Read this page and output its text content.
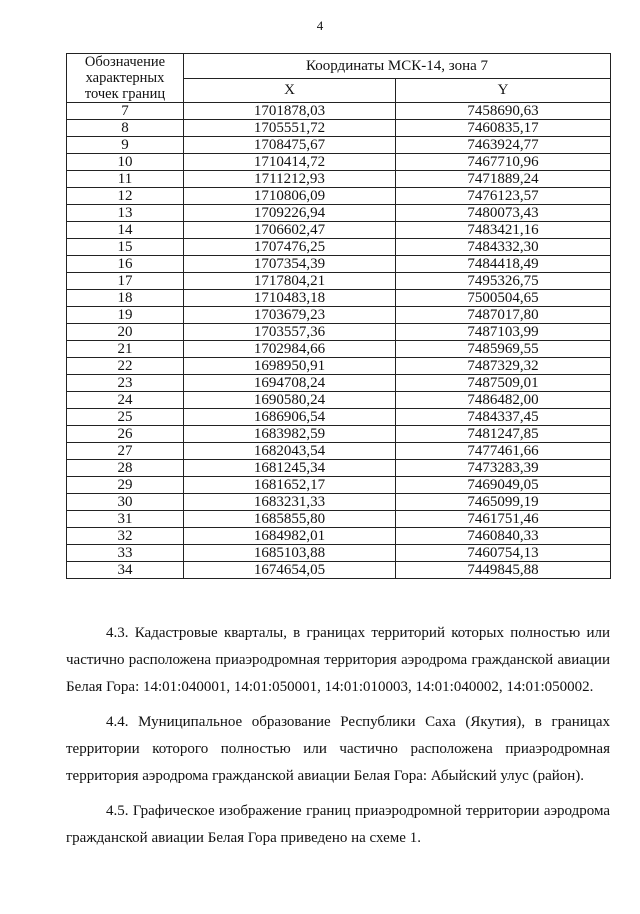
4
Обозначение характерных точек границ	Координаты МСК-14, зона 7	
	X	Y
7	1701878,03	7458690,63
8	1705551,72	7460835,17
9	1708475,67	7463924,77
10	1710414,72	7467710,96
11	1711212,93	7471889,24
12	1710806,09	7476123,57
13	1709226,94	7480073,43
14	1706602,47	7483421,16
15	1707476,25	7484332,30
16	1707354,39	7484418,49
17	1717804,21	7495326,75
18	1710483,18	7500504,65
19	1703679,23	7487017,80
20	1703557,36	7487103,99
21	1702984,66	7485969,55
22	1698950,91	7487329,32
23	1694708,24	7487509,01
24	1690580,24	7486482,00
25	1686906,54	7484337,45
26	1683982,59	7481247,85
27	1682043,54	7477461,66
28	1681245,34	7473283,39
29	1681652,17	7469049,05
30	1683231,33	7465099,19
31	1685855,80	7461751,46
32	1684982,01	7460840,33
33	1685103,88	7460754,13
34	1674654,05	7449845,88

4.3. Кадастровые кварталы, в границах территорий которых полностью или частично расположена приаэродромная территория аэродрома гражданской авиации Белая Гора: 14:01:040001, 14:01:050001, 14:01:010003, 14:01:040002, 14:01:050002.

4.4. Муниципальное образование Республики Саха (Якутия), в границах территории которого полностью или частично расположена приаэродромная территория аэродрома гражданской авиации Белая Гора: Абыйский улус (район).

4.5. Графическое изображение границ приаэродромной территории аэродрома гражданской авиации Белая Гора приведено на схеме 1.
